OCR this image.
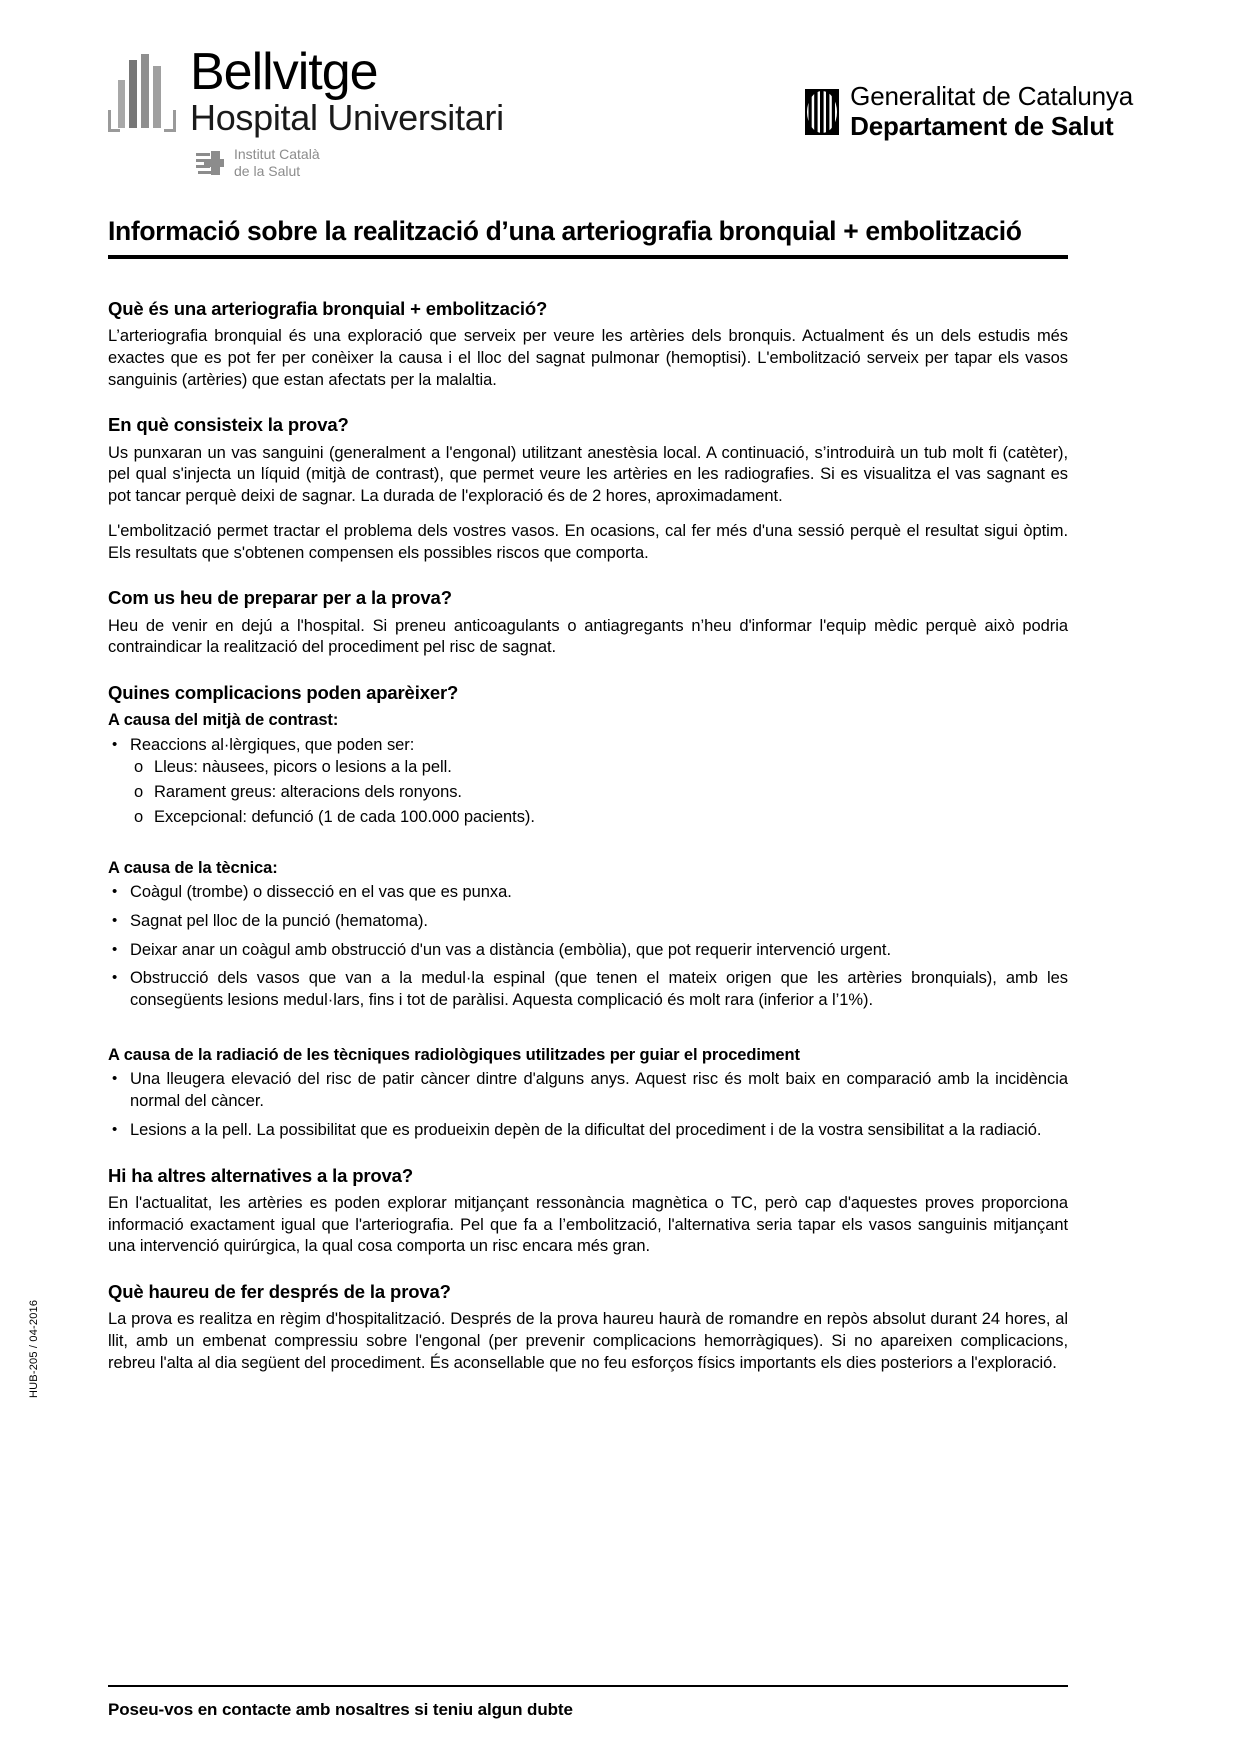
Bellvitge
Hospital Universitari
Institut Català
de la Salut
Generalitat de Catalunya
Departament de Salut
Informació sobre la realització d’una arteriografia bronquial + embolització
Què és una arteriografia bronquial + embolització?

L’arteriografia bronquial és una exploració que serveix per veure les artèries dels bronquis. Actualment és un dels estudis més exactes que es pot fer per conèixer la causa i el lloc del sagnat pulmonar (hemoptisi). L'embolització serveix per tapar els vasos sanguinis (artèries) que estan afectats per la malaltia.

En què consisteix la prova?

Us punxaran un vas sanguini (generalment a l'engonal) utilitzant anestèsia local. A continuació, s’introduirà un tub molt fi (catèter), pel qual s'injecta un líquid (mitjà de contrast), que permet veure les artèries en les radiografies. Si es visualitza el vas sagnant es pot tancar perquè deixi de sagnar. La durada de l'exploració és de 2 hores, aproximadament.

L'embolització permet tractar el problema dels vostres vasos. En ocasions, cal fer més d'una sessió perquè el resultat sigui òptim. Els resultats que s'obtenen compensen els possibles riscos que comporta.

Com us heu de preparar per a la prova?

Heu de venir en dejú a l'hospital. Si preneu anticoagulants o antiagregants n’heu d'informar l'equip mèdic perquè això podria contraindicar la realització del procediment pel risc de sagnat.

Quines complicacions poden aparèixer?
A causa del mitjà de contrast:
• Reaccions al·lèrgiques, que poden ser:
o Lleus: nàusees, picors o lesions a la pell.
o Rarament greus: alteracions dels ronyons.
o Excepcional: defunció (1 de cada 100.000 pacients).
A causa de la tècnica:
• Coàgul (trombe) o dissecció en el vas que es punxa.
• Sagnat pel lloc de la punció (hematoma).
• Deixar anar un coàgul amb obstrucció d'un vas a distància (embòlia), que pot requerir intervenció urgent.
• Obstrucció dels vasos que van a la medul·la espinal (que tenen el mateix origen que les artèries bronquials), amb les consegüents lesions medul·lars, fins i tot de paràlisi. Aquesta complicació és molt rara (inferior a l’1%).
A causa de la radiació de les tècniques radiològiques utilitzades per guiar el procediment
• Una lleugera elevació del risc de patir càncer dintre d'alguns anys. Aquest risc és molt baix en comparació amb la incidència normal del càncer.
• Lesions a la pell. La possibilitat que es produeixin depèn de la dificultat del procediment i de la vostra sensibilitat a la radiació.
Hi ha altres alternatives a la prova?

En l'actualitat, les artèries es poden explorar mitjançant ressonància magnètica o TC, però cap d'aquestes proves proporciona informació exactament igual que l'arteriografia. Pel que fa a l’embolització, l'alternativa seria tapar els vasos sanguinis mitjançant una intervenció quirúrgica, la qual cosa comporta un risc encara més gran.

Què haureu de fer després de la prova?

La prova es realitza en règim d'hospitalització. Després de la prova haureu haurà de romandre en repòs absolut durant 24 hores, al llit, amb un embenat compressiu sobre l'engonal (per prevenir complicacions hemorràgiques). Si no apareixen complicacions, rebreu l'alta al dia següent del procediment. És aconsellable que no feu esforços físics importants els dies posteriors a l'exploració.

HUB-205 / 04-2016
Poseu-vos en contacte amb nosaltres si teniu algun dubte
